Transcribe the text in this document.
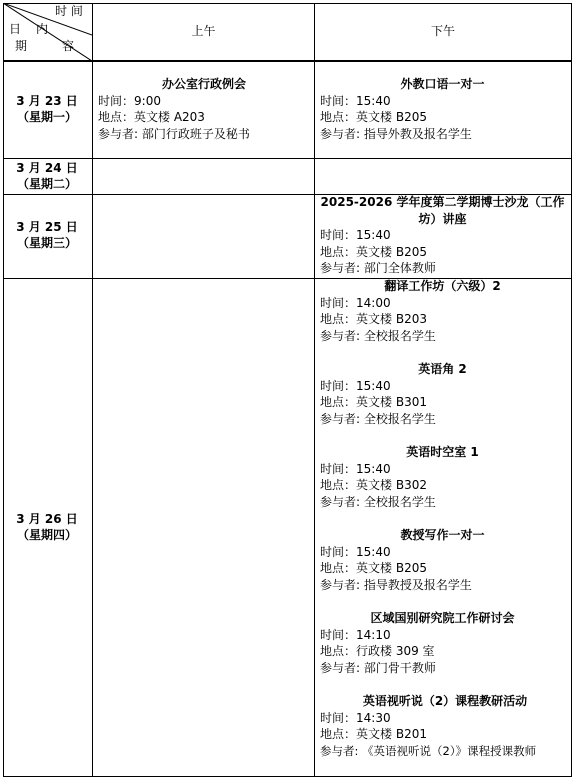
时 间
日 内
期	容
上午	下午
3 月 23 日
（星期一）
3 月 24 日
（星期二）
3 月 25 日
（星期三）
3 月 26 日
（星期四）
办公室行政例会
时间：9:00
地点：英文楼 A203
参与者: 部门行政班子及秘书
外教口语一对一
时间：15:40
地点：英文楼 B205
参与者: 指导外教及报名学生
2025-2026 学年度第二学期博士沙龙（工作坊）讲座
时间：15:40
地点：英文楼 B205
参与者: 部门全体教师
翻译工作坊（六级）2
时间：14:00
地点：英文楼 B203
参与者: 全校报名学生
英语角 2
时间：15:40
地点：英文楼 B301
参与者: 全校报名学生
英语时空室 1
时间：15:40
地点：英文楼 B302
参与者: 全校报名学生
教授写作一对一
时间：15:40
地点：英文楼 B205
参与者: 指导教授及报名学生
区域国别研究院工作研讨会
时间：14:10
地点：行政楼 309 室
参与者: 部门骨干教师
英语视听说（2）课程教研活动
时间：14:30
地点：英文楼 B201
参与者: 《英语视听说（2）》课程授课教师
